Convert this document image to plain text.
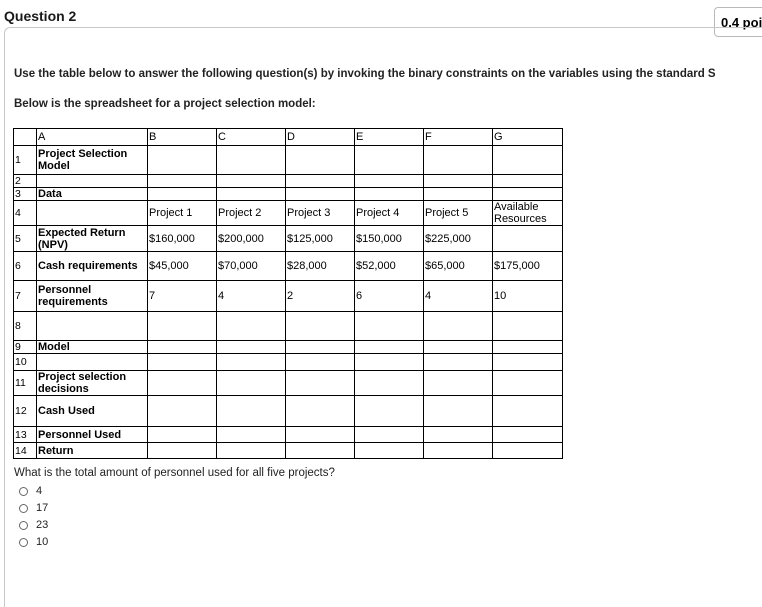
Question 2	0.4 poi
Use the table below to answer the following question(s) by invoking the binary constraints on the variables using the standard S
Below is the spreadsheet for a project selection model:
	A	B	C	D	E	F	G
1	Project Selection Model						
2							
3	Data						
4		Project 1	Project 2	Project 3	Project 4	Project 5	Available Resources
5	Expected Return (NPV)	$160,000	$200,000	$125,000	$150,000	$225,000	
6	Cash requirements	$45,000	$70,000	$28,000	$52,000	$65,000	$175,000
7	Personnel requirements	7	4	2	6	4	10
8							
9	Model						
10							
11	Project selection decisions						
12	Cash Used						
13	Personnel Used						
14	Return						
What is the total amount of personnel used for all five projects?
4
17
23
10
